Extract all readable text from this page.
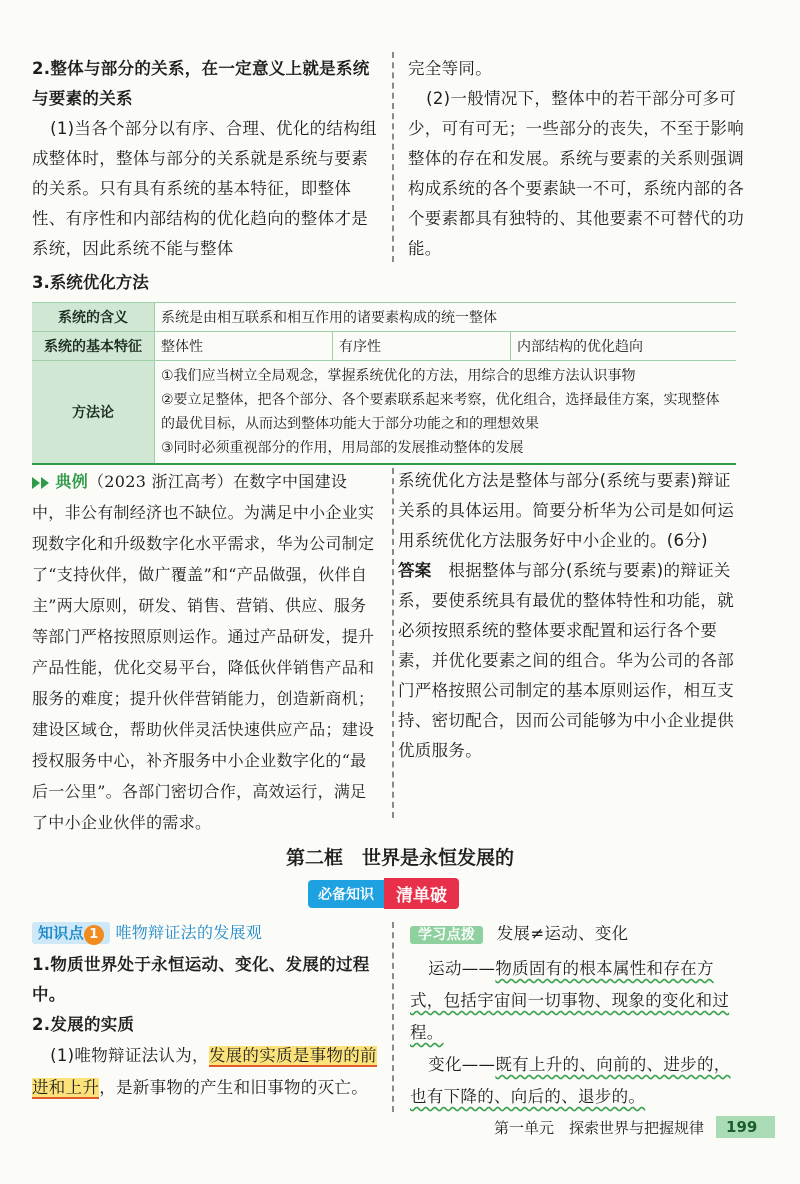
2.整体与部分的关系，在一定意义上就是系统与要素的关系

(1)当各个部分以有序、合理、优化的结构组成整体时，整体与部分的关系就是系统与要素的关系。只有具有系统的基本特征，即整体性、有序性和内部结构的优化趋向的整体才是系统，因此系统不能与整体

完全等同。

(2)一般情况下，整体中的若干部分可多可少，可有可无；一些部分的丧失，不至于影响整体的存在和发展。系统与要素的关系则强调构成系统的各个要素缺一不可，系统内部的各个要素都具有独特的、其他要素不可替代的功能。

3.系统优化方法
系统的含义	系统是由相互联系和相互作用的诸要素构成的统一整体		
系统的基本特征	整体性	有序性	内部结构的优化趋向
方法论	①我们应当树立全局观念，掌握系统优化的方法，用综合的思维方法认识事物
②要立足整体，把各个部分、各个要素联系起来考察，优化组合，选择最佳方案，实现整体的最优目标，从而达到整体功能大于部分功能之和的理想效果
③同时必须重视部分的作用，用局部的发展推动整体的发展		

典例（2023 浙江高考）在数字中国建设中，非公有制经济也不缺位。为满足中小企业实现数字化和升级数字化水平需求，华为公司制定了“支持伙伴，做广覆盖”和“产品做强，伙伴自主”两大原则，研发、销售、营销、供应、服务等部门严格按照原则运作。通过产品研发，提升产品性能，优化交易平台，降低伙伴销售产品和服务的难度；提升伙伴营销能力，创造新商机；建设区域仓，帮助伙伴灵活快速供应产品；建设授权服务中心，补齐服务中小企业数字化的“最后一公里”。各部门密切合作，高效运行，满足了中小企业伙伴的需求。

系统优化方法是整体与部分(系统与要素)辩证关系的具体运用。简要分析华为公司是如何运用系统优化方法服务好中小企业的。(6分)

答案　 根据整体与部分(系统与要素)的辩证关系，要使系统具有最优的整体特性和功能，就必须按照系统的整体要求配置和运行各个要素，并优化要素之间的组合。华为公司的各部门严格按照公司制定的基本原则运作，相互支持、密切配合，因而公司能够为中小企业提供优质服务。

第二框　世界是永恒发展的
必备知识	清单破

知识点 1 唯物辩证法的发展观

1.物质世界处于永恒运动、变化、发展的过程中。

2.发展的实质

(1)唯物辩证法认为，发展的实质是事物的前进和上升，是新事物的产生和旧事物的灭亡。

学习点拨 发展≠运动、变化

运动——物质固有的根本属性和存在方式，包括宇宙间一切事物、现象的变化和过程。

变化——既有上升的、向前的、进步的，也有下降的、向后的、退步的。

第一单元　探索世界与把握规律	199
